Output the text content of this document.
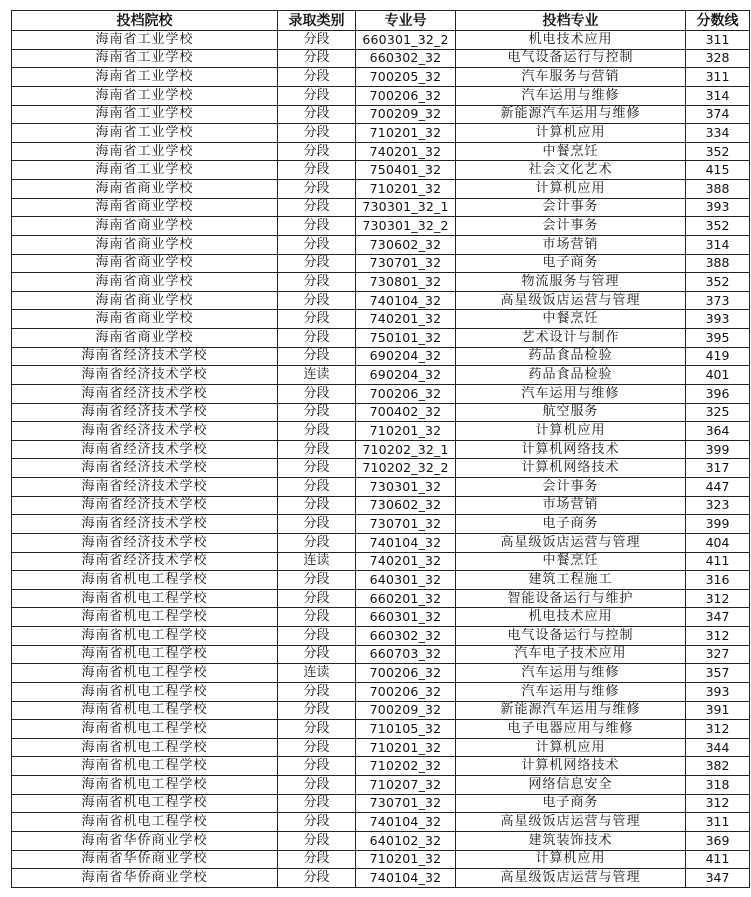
投档院校	录取类别	专业号	投档专业	分数线
海南省工业学校	分段	660301_32_2	机电技术应用	311
海南省工业学校	分段	660302_32	电气设备运行与控制	328
海南省工业学校	分段	700205_32	汽车服务与营销	311
海南省工业学校	分段	700206_32	汽车运用与维修	314
海南省工业学校	分段	700209_32	新能源汽车运用与维修	374
海南省工业学校	分段	710201_32	计算机应用	334
海南省工业学校	分段	740201_32	中餐烹饪	352
海南省工业学校	分段	750401_32	社会文化艺术	415
海南省商业学校	分段	710201_32	计算机应用	388
海南省商业学校	分段	730301_32_1	会计事务	393
海南省商业学校	分段	730301_32_2	会计事务	352
海南省商业学校	分段	730602_32	市场营销	314
海南省商业学校	分段	730701_32	电子商务	388
海南省商业学校	分段	730801_32	物流服务与管理	352
海南省商业学校	分段	740104_32	高星级饭店运营与管理	373
海南省商业学校	分段	740201_32	中餐烹饪	393
海南省商业学校	分段	750101_32	艺术设计与制作	395
海南省经济技术学校	分段	690204_32	药品食品检验	419
海南省经济技术学校	连读	690204_32	药品食品检验	401
海南省经济技术学校	分段	700206_32	汽车运用与维修	396
海南省经济技术学校	分段	700402_32	航空服务	325
海南省经济技术学校	分段	710201_32	计算机应用	364
海南省经济技术学校	分段	710202_32_1	计算机网络技术	399
海南省经济技术学校	分段	710202_32_2	计算机网络技术	317
海南省经济技术学校	分段	730301_32	会计事务	447
海南省经济技术学校	分段	730602_32	市场营销	323
海南省经济技术学校	分段	730701_32	电子商务	399
海南省经济技术学校	分段	740104_32	高星级饭店运营与管理	404
海南省经济技术学校	连读	740201_32	中餐烹饪	411
海南省机电工程学校	分段	640301_32	建筑工程施工	316
海南省机电工程学校	分段	660201_32	智能设备运行与维护	312
海南省机电工程学校	分段	660301_32	机电技术应用	347
海南省机电工程学校	分段	660302_32	电气设备运行与控制	312
海南省机电工程学校	分段	660703_32	汽车电子技术应用	327
海南省机电工程学校	连读	700206_32	汽车运用与维修	357
海南省机电工程学校	分段	700206_32	汽车运用与维修	393
海南省机电工程学校	分段	700209_32	新能源汽车运用与维修	391
海南省机电工程学校	分段	710105_32	电子电器应用与维修	312
海南省机电工程学校	分段	710201_32	计算机应用	344
海南省机电工程学校	分段	710202_32	计算机网络技术	382
海南省机电工程学校	分段	710207_32	网络信息安全	318
海南省机电工程学校	分段	730701_32	电子商务	312
海南省机电工程学校	分段	740104_32	高星级饭店运营与管理	311
海南省华侨商业学校	分段	640102_32	建筑装饰技术	369
海南省华侨商业学校	分段	710201_32	计算机应用	411
海南省华侨商业学校	分段	740104_32	高星级饭店运营与管理	347
